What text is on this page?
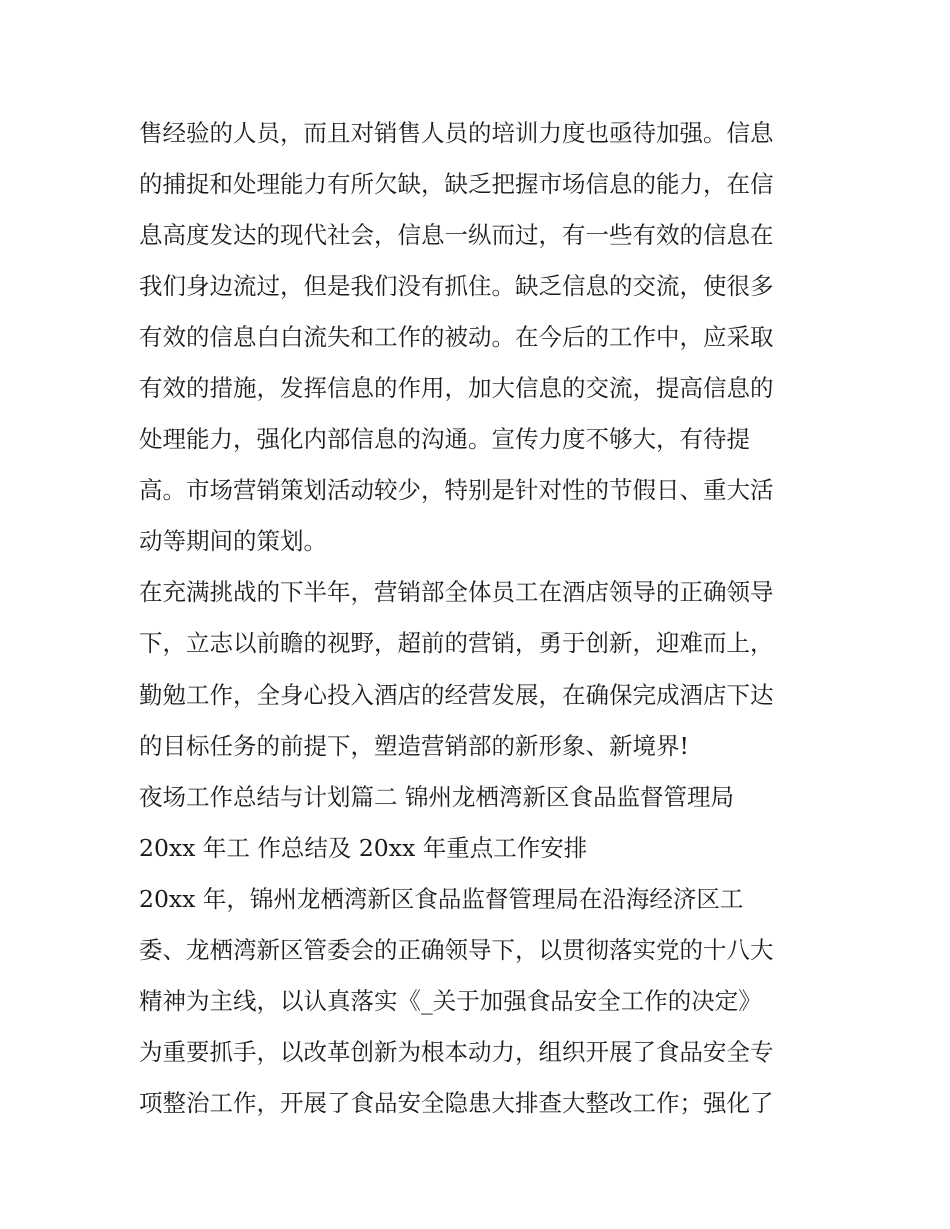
售经验的人员，而且对销售人员的培训力度也亟待加强。信息
的捕捉和处理能力有所欠缺，缺乏把握市场信息的能力，在信
息高度发达的现代社会，信息一纵而过，有一些有效的信息在
我们身边流过，但是我们没有抓住。缺乏信息的交流，使很多
有效的信息白白流失和工作的被动。在今后的工作中，应采取
有效的措施，发挥信息的作用，加大信息的交流，提高信息的
处理能力，强化内部信息的沟通。宣传力度不够大，有待提
高。市场营销策划活动较少，特别是针对性的节假日、重大活
动等期间的策划。
在充满挑战的下半年，营销部全体员工在酒店领导的正确领导
下，立志以前瞻的视野，超前的营销，勇于创新，迎难而上，
勤勉工作，全身心投入酒店的经营发展，在确保完成酒店下达
的目标任务的前提下，塑造营销部的新形象、新境界!
夜场工作总结与计划篇二 锦州龙栖湾新区食品监督管理局
20xx 年工 作总结及 20xx 年重点工作安排
20xx 年，锦州龙栖湾新区食品监督管理局在沿海经济区工
委、龙栖湾新区管委会的正确领导下，以贯彻落实党的十八大
精神为主线，以认真落实《_关于加强食品安全工作的决定》
为重要抓手，以改革创新为根本动力，组织开展了食品安全专
项整治工作，开展了食品安全隐患大排查大整改工作；强化了
